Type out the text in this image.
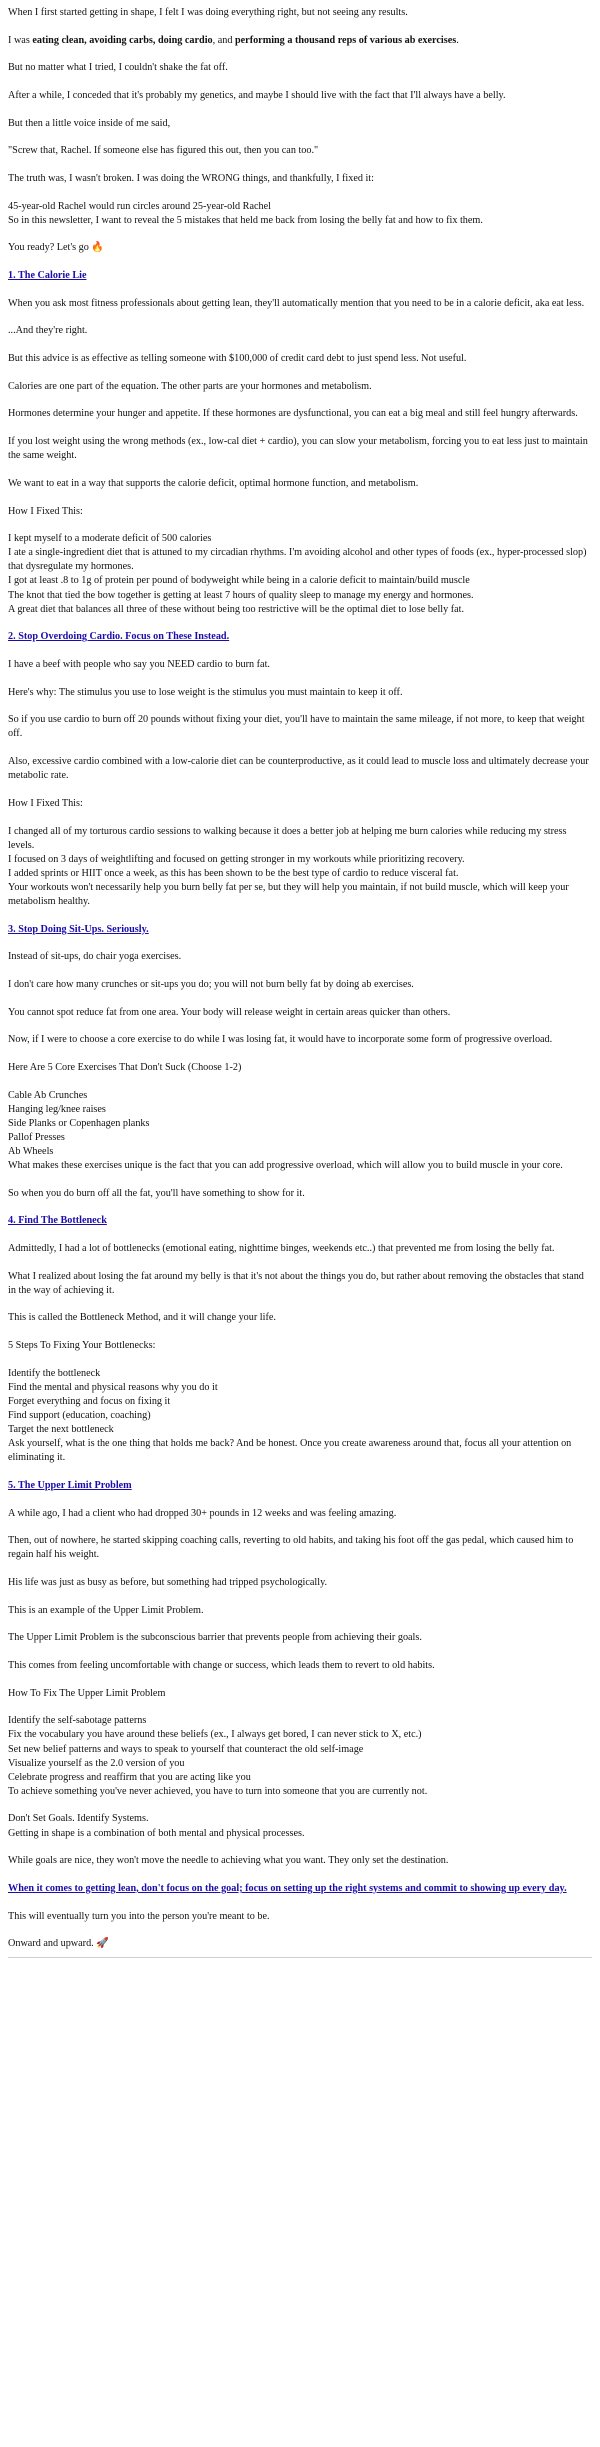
When I first started getting in shape, I felt I was doing everything right, but not seeing any results.

I was eating clean, avoiding carbs, doing cardio, and performing a thousand reps of various ab exercises.

But no matter what I tried, I couldn't shake the fat off.

After a while, I conceded that it's probably my genetics, and maybe I should live with the fact that I'll always have a belly.

But then a little voice inside of me said,

"Screw that, Rachel. If someone else has figured this out, then you can too."

The truth was, I wasn't broken. I was doing the WRONG things, and thankfully, I fixed it:

45-year-old Rachel would run circles around 25-year-old Rachel
So in this newsletter, I want to reveal the 5 mistakes that held me back from losing the belly fat and how to fix them.

You ready? Let's go 🔥

1. The Calorie Lie

When you ask most fitness professionals about getting lean, they'll automatically mention that you need to be in a calorie deficit, aka eat less.

...And they're right.

But this advice is as effective as telling someone with $100,000 of credit card debt to just spend less. Not useful.

Calories are one part of the equation. The other parts are your hormones and metabolism.

Hormones determine your hunger and appetite. If these hormones are dysfunctional, you can eat a big meal and still feel hungry afterwards.

If you lost weight using the wrong methods (ex., low-cal diet + cardio), you can slow your metabolism, forcing you to eat less just to maintain the same weight.

We want to eat in a way that supports the calorie deficit, optimal hormone function, and metabolism.

How I Fixed This:

I kept myself to a moderate deficit of 500 calories
I ate a single-ingredient diet that is attuned to my circadian rhythms. I'm avoiding alcohol and other types of foods (ex., hyper-processed slop) that dysregulate my hormones.
I got at least .8 to 1g of protein per pound of bodyweight while being in a calorie deficit to maintain/build muscle
The knot that tied the bow together is getting at least 7 hours of quality sleep to manage my energy and hormones.
A great diet that balances all three of these without being too restrictive will be the optimal diet to lose belly fat.

2. Stop Overdoing Cardio. Focus on These Instead.

I have a beef with people who say you NEED cardio to burn fat.

Here's why: The stimulus you use to lose weight is the stimulus you must maintain to keep it off.

So if you use cardio to burn off 20 pounds without fixing your diet, you'll have to maintain the same mileage, if not more, to keep that weight off.

Also, excessive cardio combined with a low-calorie diet can be counterproductive, as it could lead to muscle loss and ultimately decrease your metabolic rate.

How I Fixed This:

I changed all of my torturous cardio sessions to walking because it does a better job at helping me burn calories while reducing my stress levels.
I focused on 3 days of weightlifting and focused on getting stronger in my workouts while prioritizing recovery.
I added sprints or HIIT once a week, as this has been shown to be the best type of cardio to reduce visceral fat.
Your workouts won't necessarily help you burn belly fat per se, but they will help you maintain, if not build muscle, which will keep your metabolism healthy.

3. Stop Doing Sit-Ups. Seriously.

Instead of sit-ups, do chair yoga exercises.

I don't care how many crunches or sit-ups you do; you will not burn belly fat by doing ab exercises.

You cannot spot reduce fat from one area. Your body will release weight in certain areas quicker than others.

Now, if I were to choose a core exercise to do while I was losing fat, it would have to incorporate some form of progressive overload.

Here Are 5 Core Exercises That Don't Suck (Choose 1-2)

Cable Ab Crunches
Hanging leg/knee raises
Side Planks or Copenhagen planks
Pallof Presses
Ab Wheels
What makes these exercises unique is the fact that you can add progressive overload, which will allow you to build muscle in your core.

So when you do burn off all the fat, you'll have something to show for it.

4. Find The Bottleneck

Admittedly, I had a lot of bottlenecks (emotional eating, nighttime binges, weekends etc..) that prevented me from losing the belly fat.

What I realized about losing the fat around my belly is that it's not about the things you do, but rather about removing the obstacles that stand in the way of achieving it.

This is called the Bottleneck Method, and it will change your life.

5 Steps To Fixing Your Bottlenecks:

Identify the bottleneck
Find the mental and physical reasons why you do it
Forget everything and focus on fixing it
Find support (education, coaching)
Target the next bottleneck
Ask yourself, what is the one thing that holds me back? And be honest. Once you create awareness around that, focus all your attention on eliminating it.

5. The Upper Limit Problem

A while ago, I had a client who had dropped 30+ pounds in 12 weeks and was feeling amazing.

Then, out of nowhere, he started skipping coaching calls, reverting to old habits, and taking his foot off the gas pedal, which caused him to regain half his weight.

His life was just as busy as before, but something had tripped psychologically.

This is an example of the Upper Limit Problem.

The Upper Limit Problem is the subconscious barrier that prevents people from achieving their goals.

This comes from feeling uncomfortable with change or success, which leads them to revert to old habits.

How To Fix The Upper Limit Problem

Identify the self-sabotage patterns
Fix the vocabulary you have around these beliefs (ex., I always get bored, I can never stick to X, etc.)
Set new belief patterns and ways to speak to yourself that counteract the old self-image
Visualize yourself as the 2.0 version of you
Celebrate progress and reaffirm that you are acting like you
To achieve something you've never achieved, you have to turn into someone that you are currently not.
Don't Set Goals. Identify Systems.
Getting in shape is a combination of both mental and physical processes.

While goals are nice, they won't move the needle to achieving what you want. They only set the destination.

When it comes to getting lean, don't focus on the goal; focus on setting up the right systems and commit to showing up every day.

This will eventually turn you into the person you're meant to be.

Onward and upward. 🚀
